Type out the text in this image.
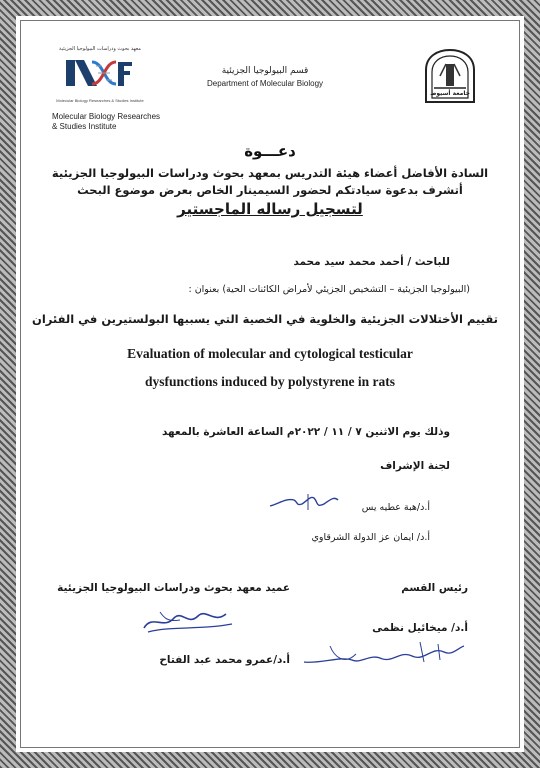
معهد بحوث ودراسات البيولوجيا الجزيئية
Molecular Biology Researches & Studies Institute
Molecular Biology Researches
& Studies Institute
قسم البيولوجيا الجزيئية
Department of Molecular Biology
جامعة أسيوط
دعـــوة
السادة الأفاضل أعضاء هيئة التدريس بمعهد بحوث ودراسات البيولوجيا الجزيئية
أتشرف بدعوة سيادتكم لحضور السيمينار الخاص بعرض موضوع البحث
لتسجيل رساله الماجستير
للباحث / أحمد محمد سيد محمد
(البيولوجيا الجزيئية – التشخيص الجزيئي لأمراض الكائنات الحية) بعنوان :
تقييم الأختلالات الجزيئية والخلوية في الخصية التي يسببها البولستيرين في الفئران
Evaluation of molecular and cytological testicular
dysfunctions induced by polystyrene in rats
وذلك يوم الاثنين ٧ / ١١ / ٢٠٢٢م الساعة العاشرة بالمعهد
لجنة الإشراف
أ.د/هبة عطيه يس
أ.د/ ايمان عز الدولة الشرقاوي
رئيس القسم
عميد معهد بحوث ودراسات البيولوجيا الجزيئية
أ.د/ ميخائيل نظمى
أ.د/عمرو محمد عبد الفتاح
